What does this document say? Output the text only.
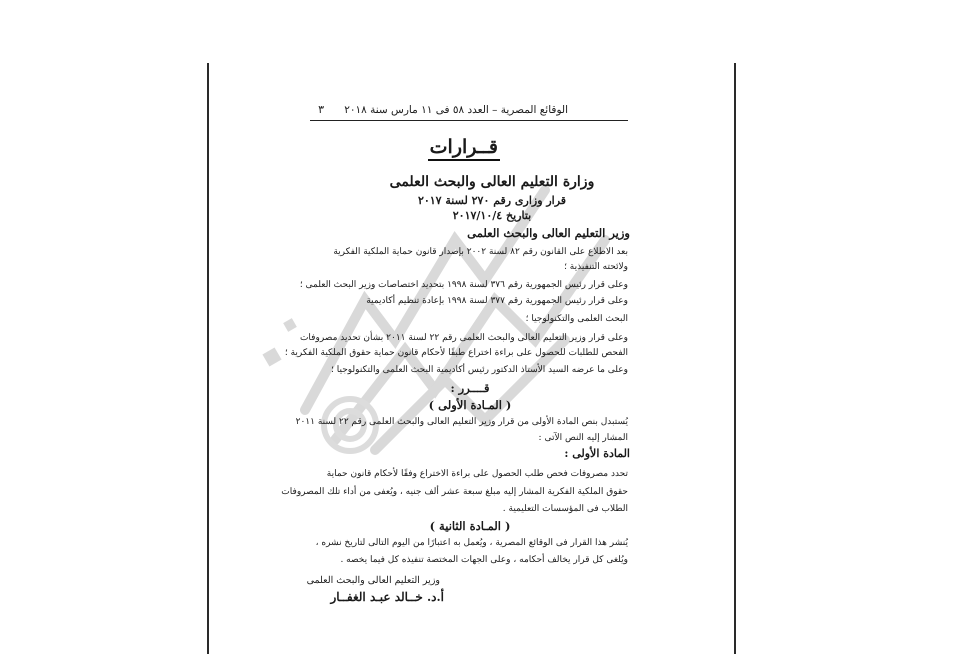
الوقائع المصرية – العدد ٥٨ فى ١١ مارس سنة ٢٠١٨
٣
قــرارات
وزارة التعليم العالى والبحث العلمى
قرار وزارى رقم ٢٧٠ لسنة ٢٠١٧
بتاريخ ٢٠١٧/١٠/٤
وزير التعليم العالى والبحث العلمى
بعد الاطلاع على القانون رقم ٨٢ لسنة ٢٠٠٢ بإصدار قانون حماية الملكية الفكرية
ولائحته التنفيذية ؛
وعلى قرار رئيس الجمهورية رقم ٣٧٦ لسنة ١٩٩٨ بتحديد اختصاصات وزير البحث العلمى ؛
وعلى قرار رئيس الجمهورية رقم ٣٧٧ لسنة ١٩٩٨ بإعادة تنظيم أكاديمية
البحث العلمى والتكنولوجيا ؛
وعلى قرار وزير التعليم العالى والبحث العلمى رقم ٢٢ لسنة ٢٠١١ بشأن تحديد مصروفات
الفحص للطلبات للحصول على براءة اختراع طبقًا لأحكام قانون حماية حقوق الملكية الفكرية ؛
وعلى ما عرضه السيد الأستاذ الدكتور رئيس أكاديمية البحث العلمى والتكنولوجيا ؛
قــــرر :
( المـادة الأولى )
يُستبدل بنص المادة الأولى من قرار وزير التعليم العالى والبحث العلمى رقم ٢٢ لسنة ٢٠١١
المشار إليه النص الآتى :
المادة الأولى :
تحدد مصروفات فحص طلب الحصول على براءة الاختراع وفقًا لأحكام قانون حماية
حقوق الملكية الفكرية المشار إليه مبلغ سبعة عشر ألف جنيه ، ويُعفى من أداء تلك المصروفات
الطلاب فى المؤسسات التعليمية .
( المـادة الثانية )
يُنشر هذا القرار فى الوقائع المصرية ، ويُعمل به اعتبارًا من اليوم التالى لتاريخ نشره ،
ويُلغى كل قرار يخالف أحكامه ، وعلى الجهات المختصة تنفيذه كل فيما يخصه .
وزير التعليم العالى والبحث العلمى
أ.د. خــالد عبـد الغفــار
